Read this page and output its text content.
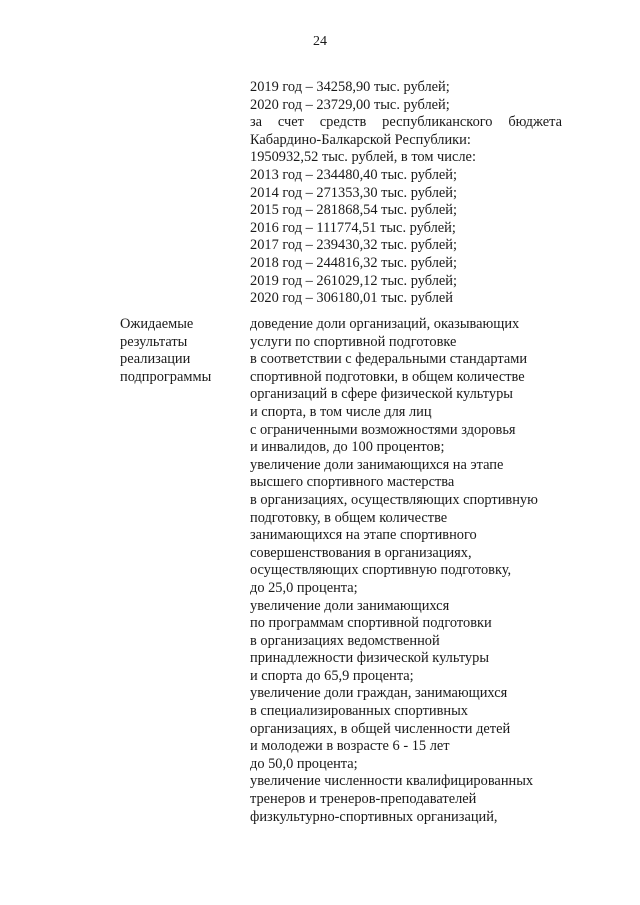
24
2019 год – 34258,90 тыс. рублей;
2020 год – 23729,00 тыс. рублей;
за счет средств республиканского бюджета
Кабардино-Балкарской Республики:
1950932,52 тыс. рублей, в том числе:
2013 год – 234480,40 тыс. рублей;
2014 год – 271353,30 тыс. рублей;
2015 год – 281868,54 тыс. рублей;
2016 год – 111774,51 тыс. рублей;
2017 год – 239430,32 тыс. рублей;
2018 год – 244816,32 тыс. рублей;
2019 год – 261029,12 тыс. рублей;
2020 год – 306180,01 тыс. рублей
Ожидаемые
результаты
реализации
подпрограммы
доведение доли организаций, оказывающих
услуги по спортивной подготовке
в соответствии с федеральными стандартами
спортивной подготовки, в общем количестве
организаций в сфере физической культуры
и спорта, в том числе для лиц
с ограниченными возможностями здоровья
и инвалидов, до 100 процентов;
увеличение доли занимающихся на этапе
высшего спортивного мастерства
в организациях, осуществляющих спортивную
подготовку, в общем количестве
занимающихся на этапе спортивного
совершенствования в организациях,
осуществляющих спортивную подготовку,
до 25,0 процента;
увеличение доли занимающихся
по программам спортивной подготовки
в организациях ведомственной
принадлежности физической культуры
и спорта до 65,9 процента;
увеличение доли граждан, занимающихся
в специализированных спортивных
организациях, в общей численности детей
и молодежи в возрасте 6 - 15 лет
до 50,0 процента;
увеличение численности квалифицированных
тренеров и тренеров-преподавателей
физкультурно-спортивных организаций,
